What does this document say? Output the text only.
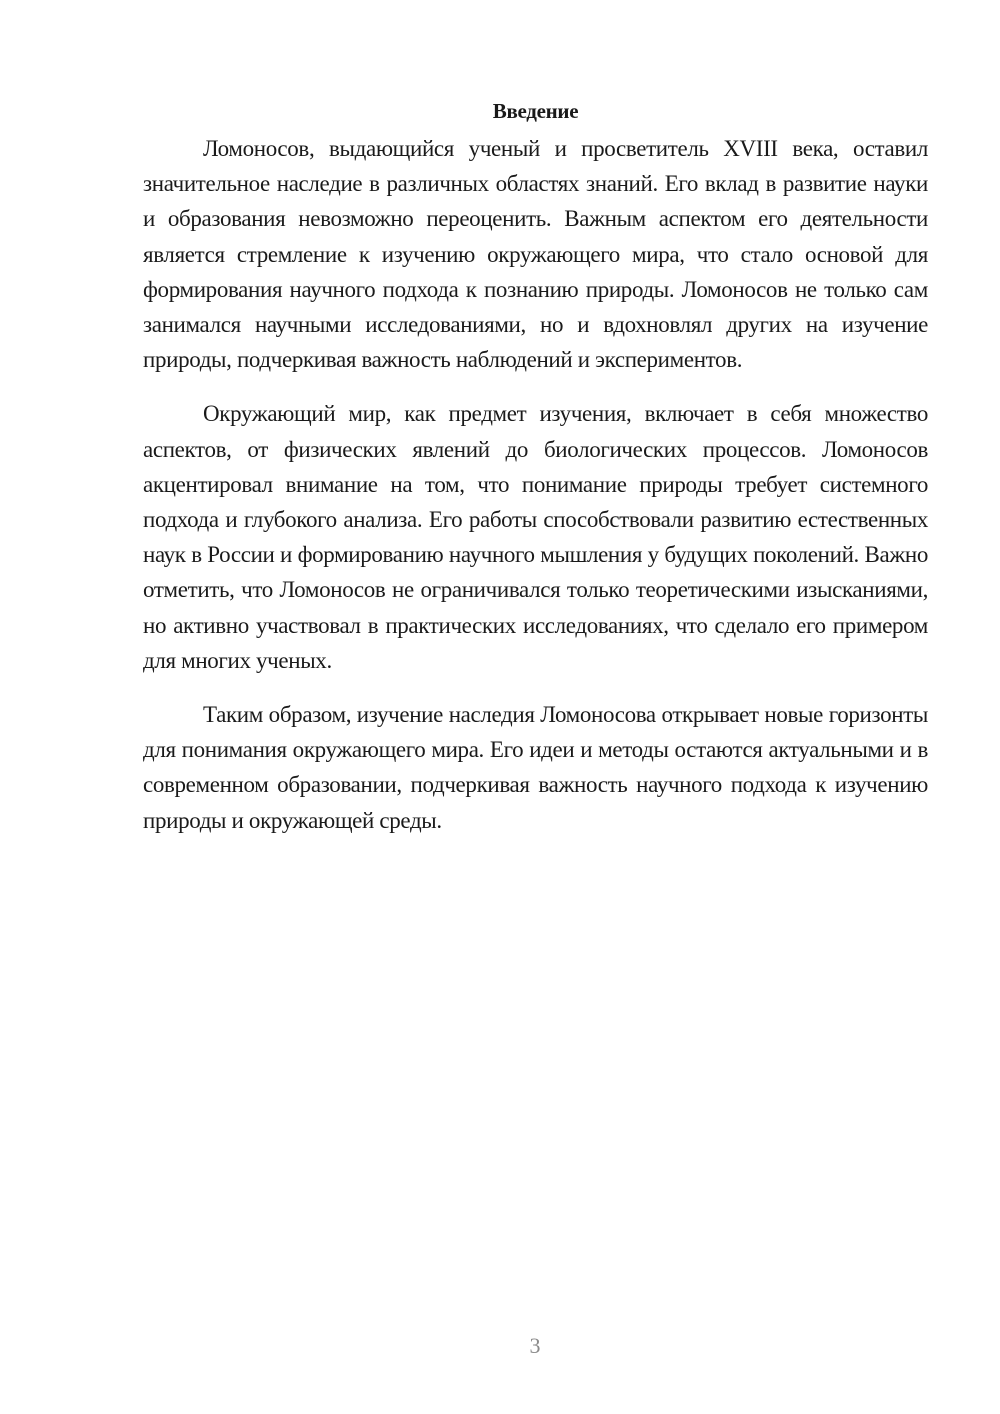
Введение

Ломоносов, выдающийся ученый и просветитель XVIII века, оставил значительное наследие в различных областях знаний. Его вклад в развитие науки и образования невозможно переоценить. Важным аспектом его деятельности является стремление к изучению окружающего мира, что стало основой для формирования научного подхода к познанию природы. Ломоносов не только сам занимался научными исследованиями, но и вдохновлял других на изучение природы, подчеркивая важность наблюдений и экспериментов.

Окружающий мир, как предмет изучения, включает в себя множество аспектов, от физических явлений до биологических процессов. Ломоносов акцентировал внимание на том, что понимание природы требует системного подхода и глубокого анализа. Его работы способствовали развитию естественных наук в России и формированию научного мышления у будущих поколений. Важно отметить, что Ломоносов не ограничивался только теоретическими изысканиями, но активно участвовал в практических исследованиях, что сделало его примером для многих ученых.

Таким образом, изучение наследия Ломоносова открывает новые горизонты для понимания окружающего мира. Его идеи и методы остаются актуальными и в современном образовании, подчеркивая важность научного подхода к изучению природы и окружающей среды.

3
